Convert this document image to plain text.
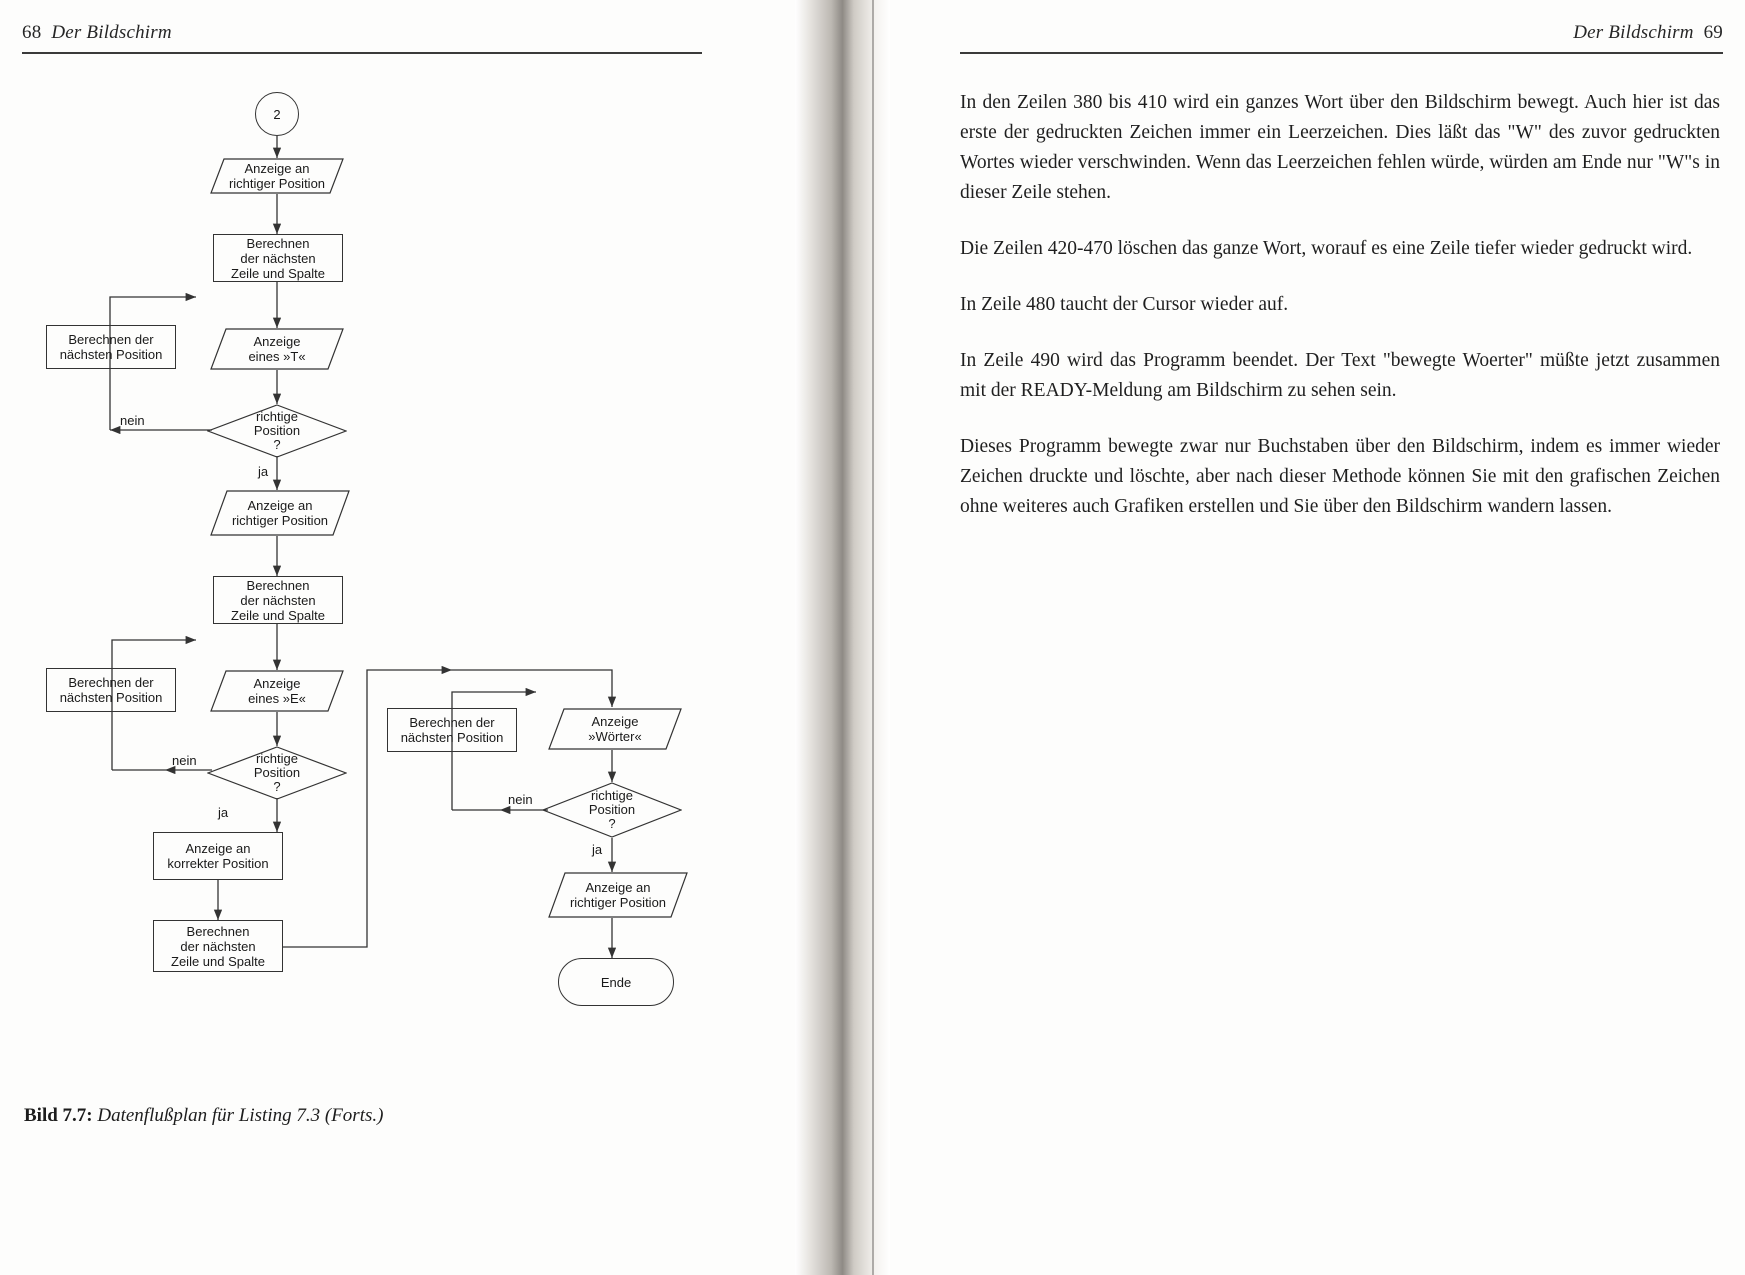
68 Der Bildschirm	Der Bildschirm 69

In den Zeilen 380 bis 410 wird ein ganzes Wort über den Bildschirm bewegt. Auch hier ist das erste der gedruckten Zeichen immer ein Leerzeichen. Dies läßt das "W" des zuvor gedruckten Wortes wieder verschwinden. Wenn das Leerzeichen fehlen würde, würden am Ende nur "W"s in dieser Zeile stehen.

Die Zeilen 420-470 löschen das ganze Wort, worauf es eine Zeile tiefer wieder gedruckt wird.

In Zeile 480 taucht der Cursor wieder auf.

In Zeile 490 wird das Programm beendet. Der Text "bewegte Woerter" müßte jetzt zusammen mit der READY-Meldung am Bildschirm zu sehen sein.

Dieses Programm bewegte zwar nur Buchstaben über den Bildschirm, indem es immer wieder Zeichen druckte und löschte, aber nach dieser Methode können Sie mit den grafischen Zeichen ohne weiteres auch Grafiken erstellen und Sie über den Bildschirm wandern lassen.

2
Anzeige an
richtiger Position
Berechnen
der nächsten
Zeile und Spalte
Berechnen der
nächsten Position
Anzeige
eines »T«
richtige
Position
?
nein
ja
Anzeige an
richtiger Position
Berechnen
der nächsten
Zeile und Spalte
Berechnen der
nächsten Position
Anzeige
eines »E«
richtige
Position
?
nein
ja
Anzeige an
korrekter Position
Berechnen
der nächsten
Zeile und Spalte
Berechnen der
nächsten Position
Anzeige
»Wörter«
richtige
Position
?
nein
ja
Anzeige an
richtiger Position
Ende
Bild 7.7: Datenflußplan für Listing 7.3 (Forts.)
